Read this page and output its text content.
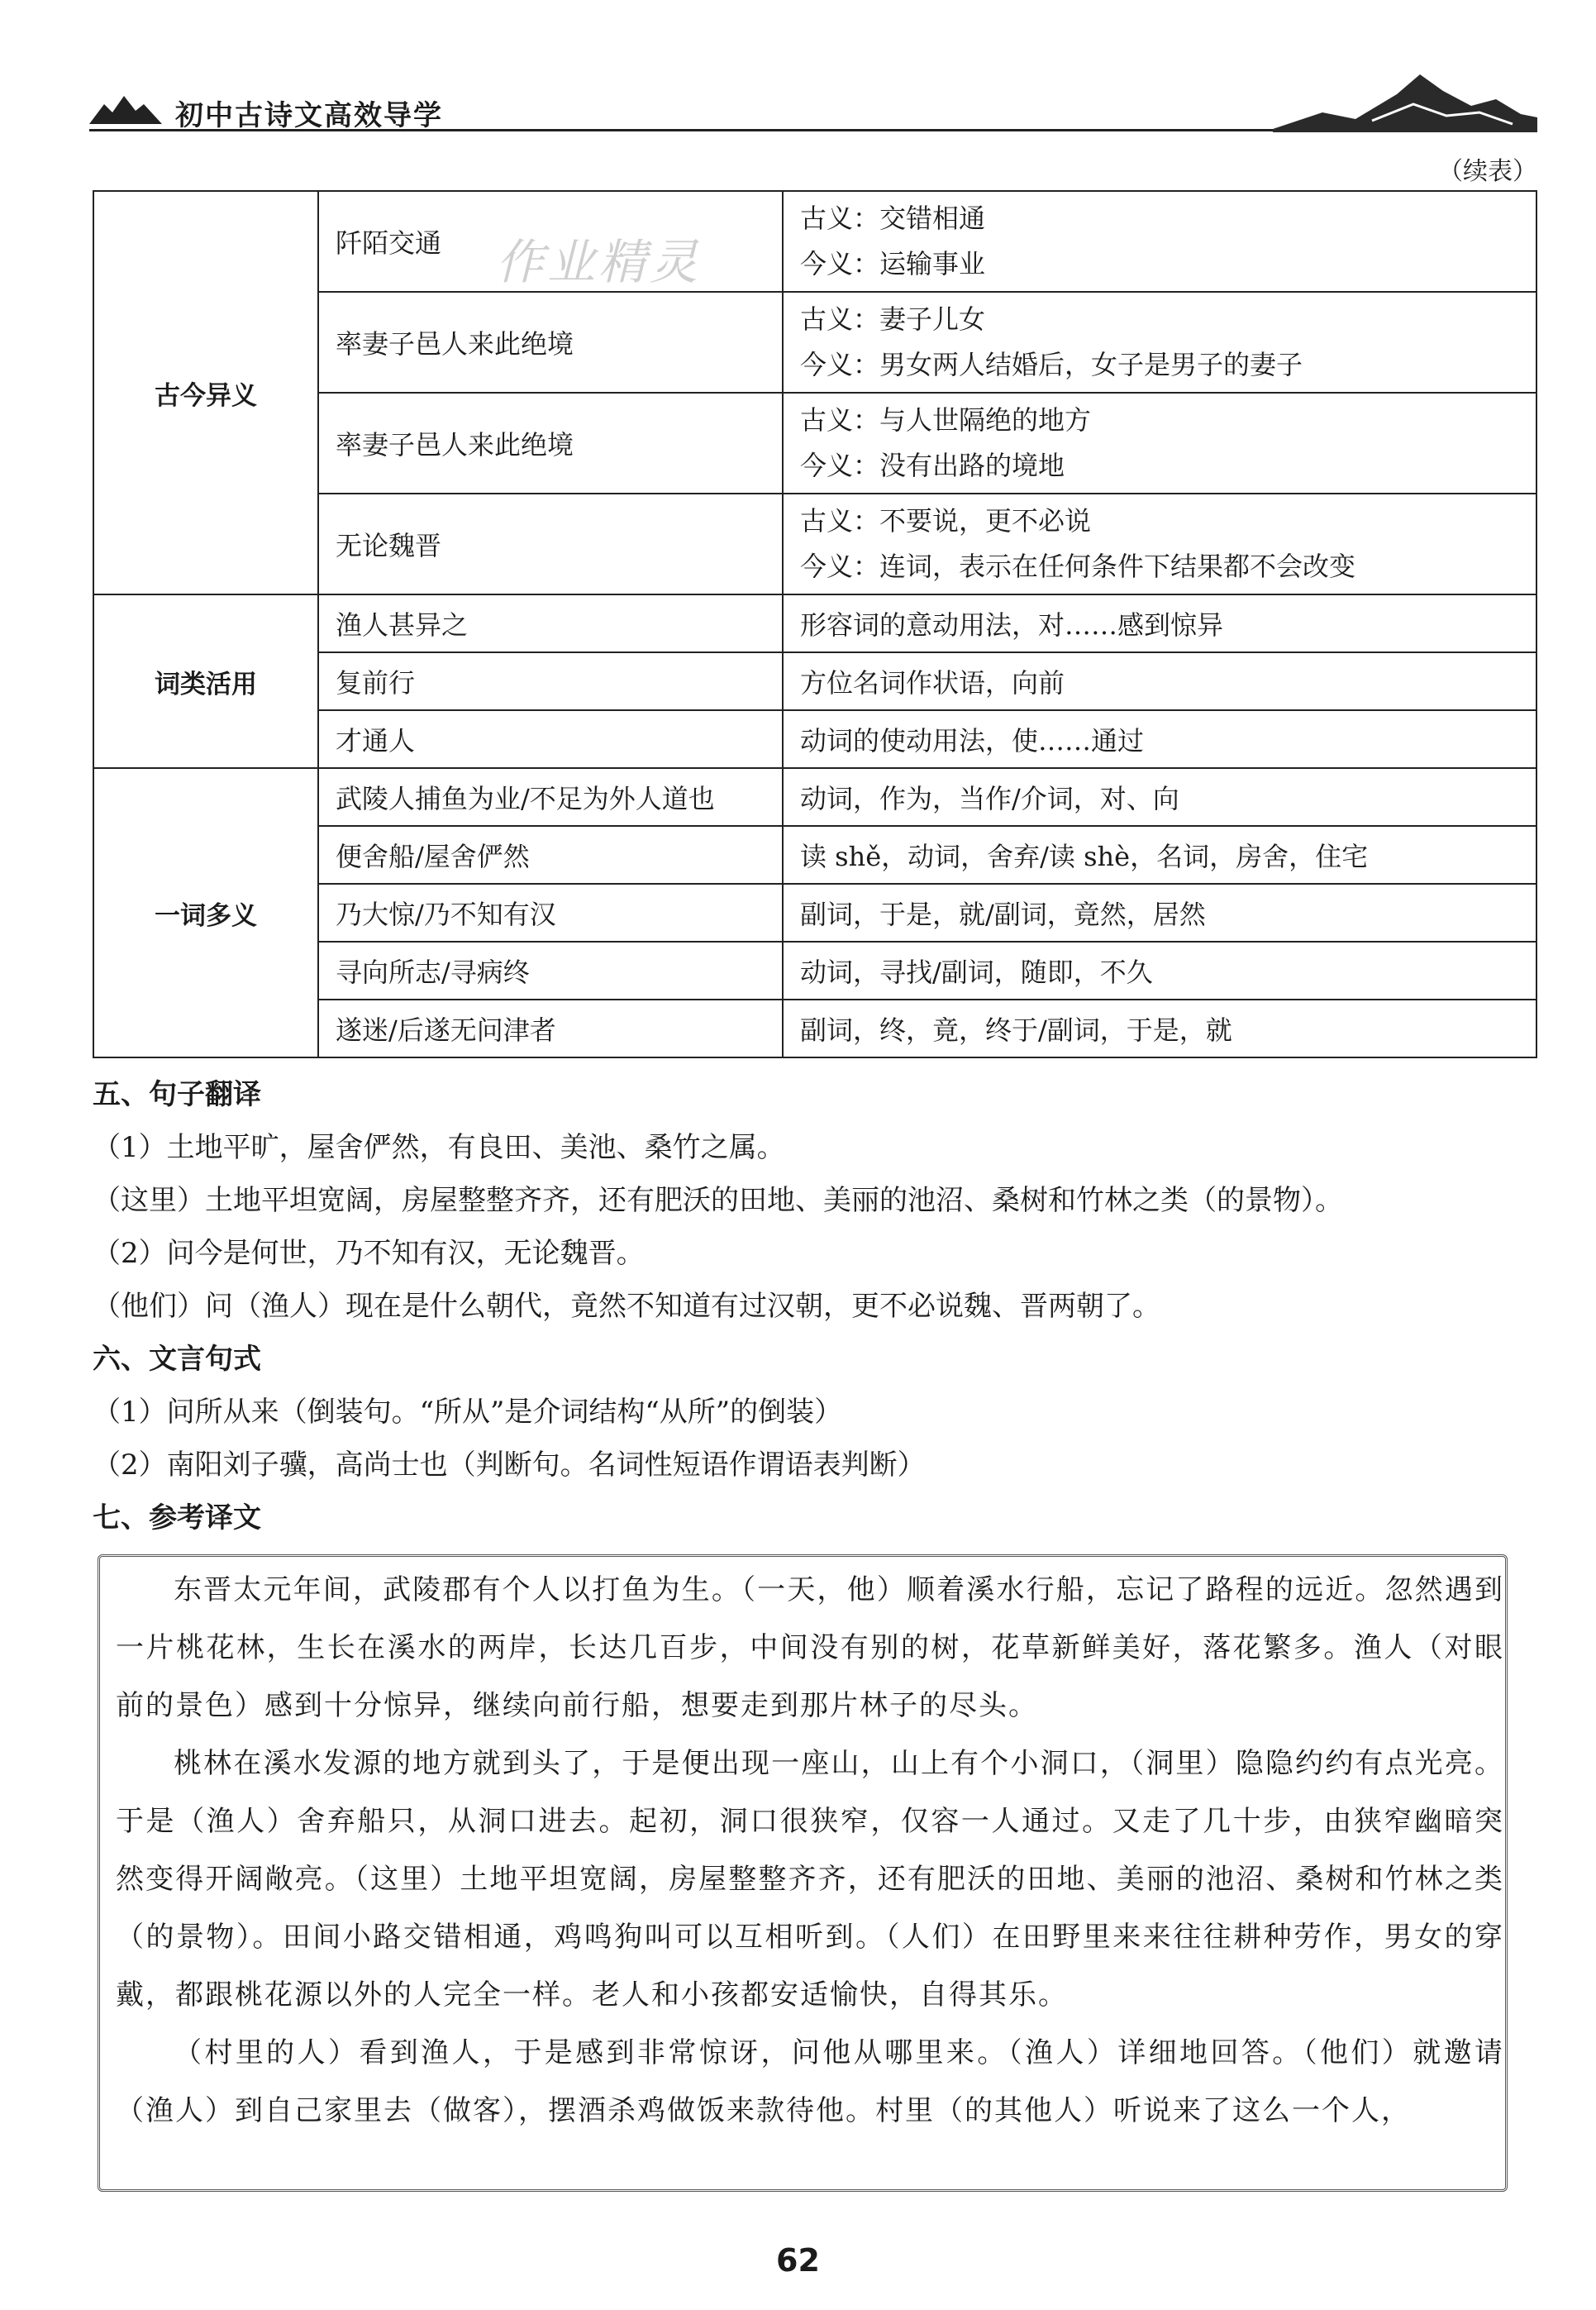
初中古诗文高效导学
（续表）
古今异义	阡陌交通	古义：交错相通
今义：运输事业

	率妻子邑人来此绝境	古义：妻子儿女
今义：男女两人结婚后，女子是男子的妻子

	率妻子邑人来此绝境	古义：与人世隔绝的地方
今义：没有出路的境地

	无论魏晋	古义：不要说，更不必说
今义：连词，表示在任何条件下结果都不会改变

词类活用	渔人甚异之	形容词的意动用法，对……感到惊异
	复前行	方位名词作状语，向前
	才通人	动词的使动用法，使……通过
一词多义	武陵人捕鱼为业/不足为外人道也	动词，作为，当作/介词，对、向
	便舍船/屋舍俨然	读 shě，动词，舍弃/读 shè，名词，房舍，住宅
	乃大惊/乃不知有汉	副词，于是，就/副词，竟然，居然
	寻向所志/寻病终	动词，寻找/副词，随即，不久
	遂迷/后遂无问津者	副词，终，竟，终于/副词，于是，就
作业精灵
五、句子翻译
（1）土地平旷，屋舍俨然，有良田、美池、桑竹之属。
（这里）土地平坦宽阔，房屋整整齐齐，还有肥沃的田地、美丽的池沼、桑树和竹林之类（的景物）。
（2）问今是何世，乃不知有汉，无论魏晋。
（他们）问（渔人）现在是什么朝代，竟然不知道有过汉朝，更不必说魏、晋两朝了。
六、文言句式
（1）问所从来（倒装句。“所从”是介词结构“从所”的倒装）
（2）南阳刘子骥，高尚士也（判断句。名词性短语作谓语表判断）
七、参考译文

东晋太元年间，武陵郡有个人以打鱼为生。（一天，他）顺着溪水行船，忘记了路程的远近。忽然遇到一片桃花林，生长在溪水的两岸，长达几百步，中间没有别的树，花草新鲜美好，落花繁多。渔人（对眼前的景色）感到十分惊异，继续向前行船，想要走到那片林子的尽头。

桃林在溪水发源的地方就到头了，于是便出现一座山，山上有个小洞口，（洞里）隐隐约约有点光亮。于是（渔人）舍弃船只，从洞口进去。起初，洞口很狭窄，仅容一人通过。又走了几十步，由狭窄幽暗突然变得开阔敞亮。（这里）土地平坦宽阔，房屋整整齐齐，还有肥沃的田地、美丽的池沼、桑树和竹林之类（的景物）。田间小路交错相通，鸡鸣狗叫可以互相听到。（人们）在田野里来来往往耕种劳作，男女的穿戴，都跟桃花源以外的人完全一样。老人和小孩都安适愉快，自得其乐。

（村里的人）看到渔人，于是感到非常惊讶，问他从哪里来。（渔人）详细地回答。（他们）就邀请（渔人）到自己家里去（做客），摆酒杀鸡做饭来款待他。村里（的其他人）听说来了这么一个人，

62
